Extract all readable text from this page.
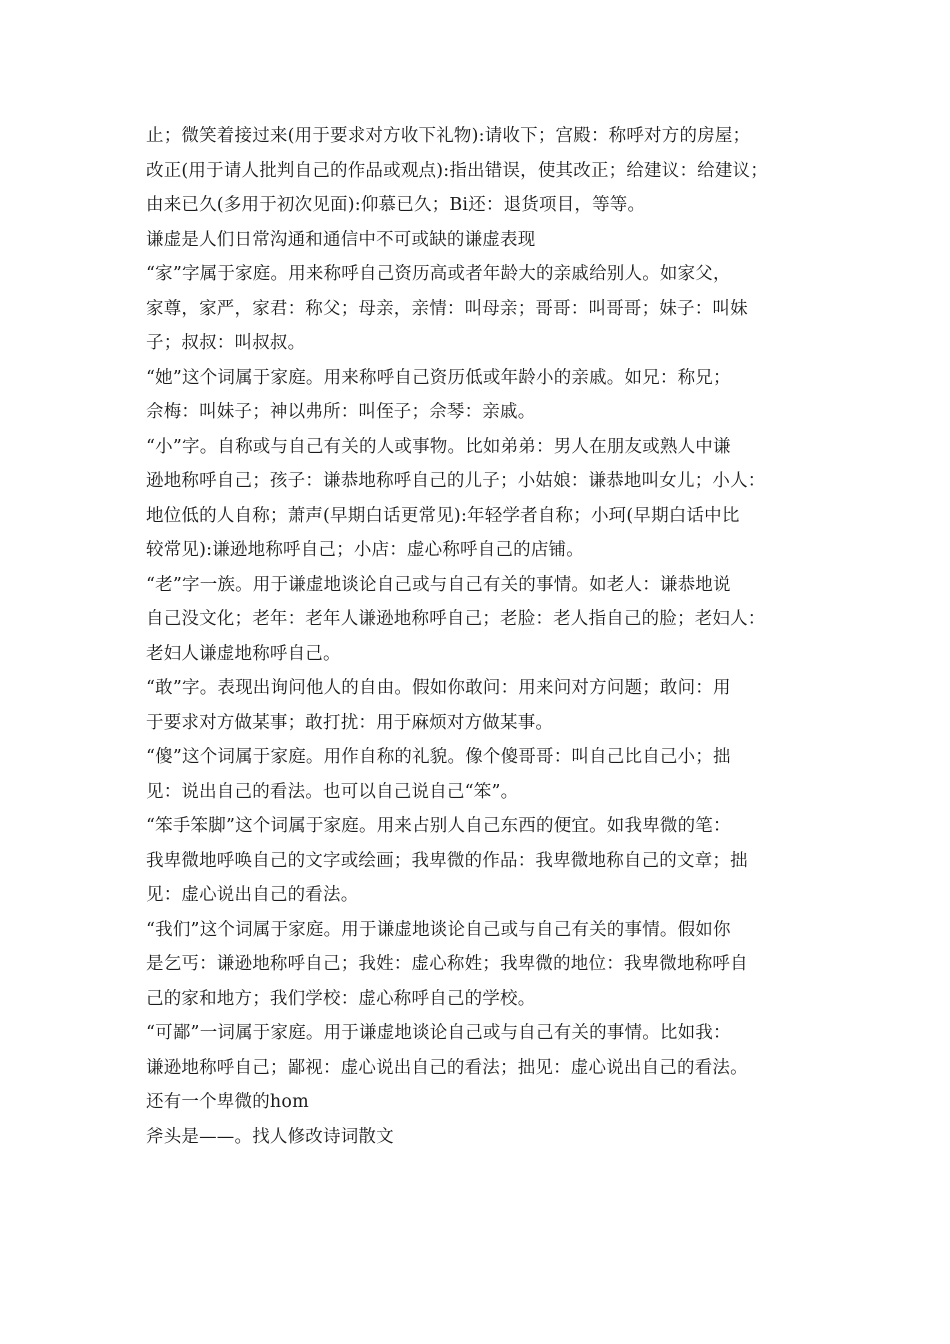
止；微笑着接过来(用于要求对方收下礼物):请收下；宫殿：称呼对方的房屋；
改正(用于请人批判自己的作品或观点):指出错误，使其改正；给建议：给建议；
由来已久(多用于初次见面):仰慕已久；Bi还：退货项目，等等。
谦虚是人们日常沟通和通信中不可或缺的谦虚表现
“家”字属于家庭。用来称呼自己资历高或者年龄大的亲戚给别人。如家父，
家尊，家严，家君：称父；母亲，亲情：叫母亲；哥哥：叫哥哥；妹子：叫妹
子；叔叔：叫叔叔。
“她”这个词属于家庭。用来称呼自己资历低或年龄小的亲戚。如兄：称兄；
佘梅：叫妹子；神以弗所：叫侄子；佘琴：亲戚。
“小”字。自称或与自己有关的人或事物。比如弟弟：男人在朋友或熟人中谦
逊地称呼自己；孩子：谦恭地称呼自己的儿子；小姑娘：谦恭地叫女儿；小人：
地位低的人自称；萧声(早期白话更常见):年轻学者自称；小珂(早期白话中比
较常见):谦逊地称呼自己；小店：虚心称呼自己的店铺。
“老”字一族。用于谦虚地谈论自己或与自己有关的事情。如老人：谦恭地说
自己没文化；老年：老年人谦逊地称呼自己；老脸：老人指自己的脸；老妇人：
老妇人谦虚地称呼自己。
“敢”字。表现出询问他人的自由。假如你敢问：用来问对方问题；敢问：用
于要求对方做某事；敢打扰：用于麻烦对方做某事。
“傻”这个词属于家庭。用作自称的礼貌。像个傻哥哥：叫自己比自己小；拙
见：说出自己的看法。也可以自己说自己“笨”。
“笨手笨脚”这个词属于家庭。用来占别人自己东西的便宜。如我卑微的笔：
我卑微地呼唤自己的文字或绘画；我卑微的作品：我卑微地称自己的文章；拙
见：虚心说出自己的看法。
“我们”这个词属于家庭。用于谦虚地谈论自己或与自己有关的事情。假如你
是乞丐：谦逊地称呼自己；我姓：虚心称姓；我卑微的地位：我卑微地称呼自
己的家和地方；我们学校：虚心称呼自己的学校。
“可鄙”一词属于家庭。用于谦虚地谈论自己或与自己有关的事情。比如我：
谦逊地称呼自己；鄙视：虚心说出自己的看法；拙见：虚心说出自己的看法。
还有一个卑微的hom
斧头是——。找人修改诗词散文
